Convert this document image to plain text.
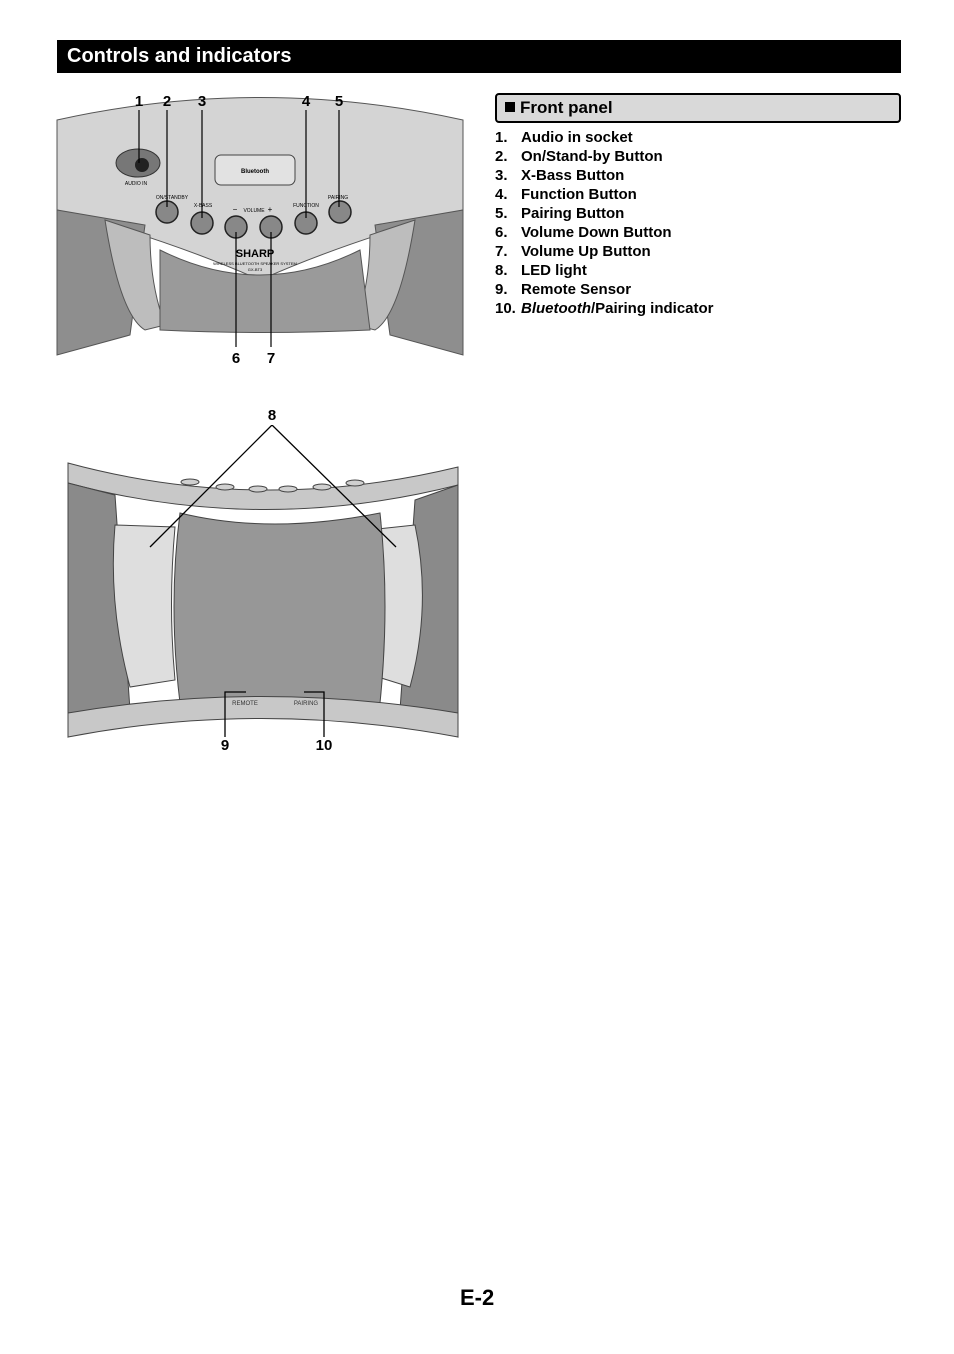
Controls and indicators
AUDIO IN
Bluetooth
ON/STANDBY
X-BASS	− VOLUME +	FUNCTION
PAIRING
SHARP
WIRELESS BLUETOOTH SPEAKER SYSTEM
GX-BT3
1 2 3	4 5
6 7
REMOTE	PAIRING
8
9	10
Front panel
1. Audio in socket
2. On/Stand-by Button
3. X-Bass Button
4. Function Button
5. Pairing Button
6. Volume Down Button
7. Volume Up Button
8. LED light
9. Remote Sensor
10. Bluetooth/Pairing indicator
E-2
